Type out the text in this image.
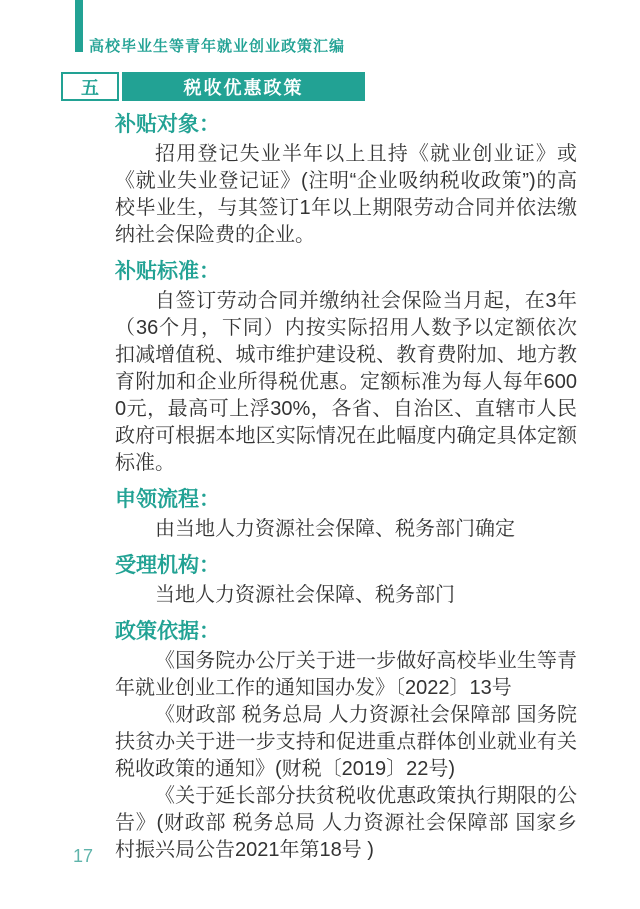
高校毕业生等青年就业创业政策汇编
五	税收优惠政策
补贴对象：

招用登记失业半年以上且持《就业创业证》或《就业失业登记证》(注明“企业吸纳税收政策”)的高校毕业生，与其签订1年以上期限劳动合同并依法缴纳社会保险费的企业。

补贴标准：

自签订劳动合同并缴纳社会保险当月起，在3年（36个月，下同）内按实际招用人数予以定额依次扣减增值税、城市维护建设税、教育费附加、地方教育附加和企业所得税优惠。定额标准为每人每年6000元，最高可上浮30%，各省、自治区、直辖市人民政府可根据本地区实际情况在此幅度内确定具体定额标准。

申领流程：

由当地人力资源社会保障、税务部门确定

受理机构：

当地人力资源社会保障、税务部门

政策依据：

《国务院办公厅关于进一步做好高校毕业生等青年就业创业工作的通知国办发》〔2022〕13号

《财政部 税务总局 人力资源社会保障部 国务院扶贫办关于进一步支持和促进重点群体创业就业有关税收政策的通知》(财税〔2019〕22号)

《关于延长部分扶贫税收优惠政策执行期限的公告》(财政部 税务总局 人力资源社会保障部 国家乡村振兴局公告2021年第18号 )

17
